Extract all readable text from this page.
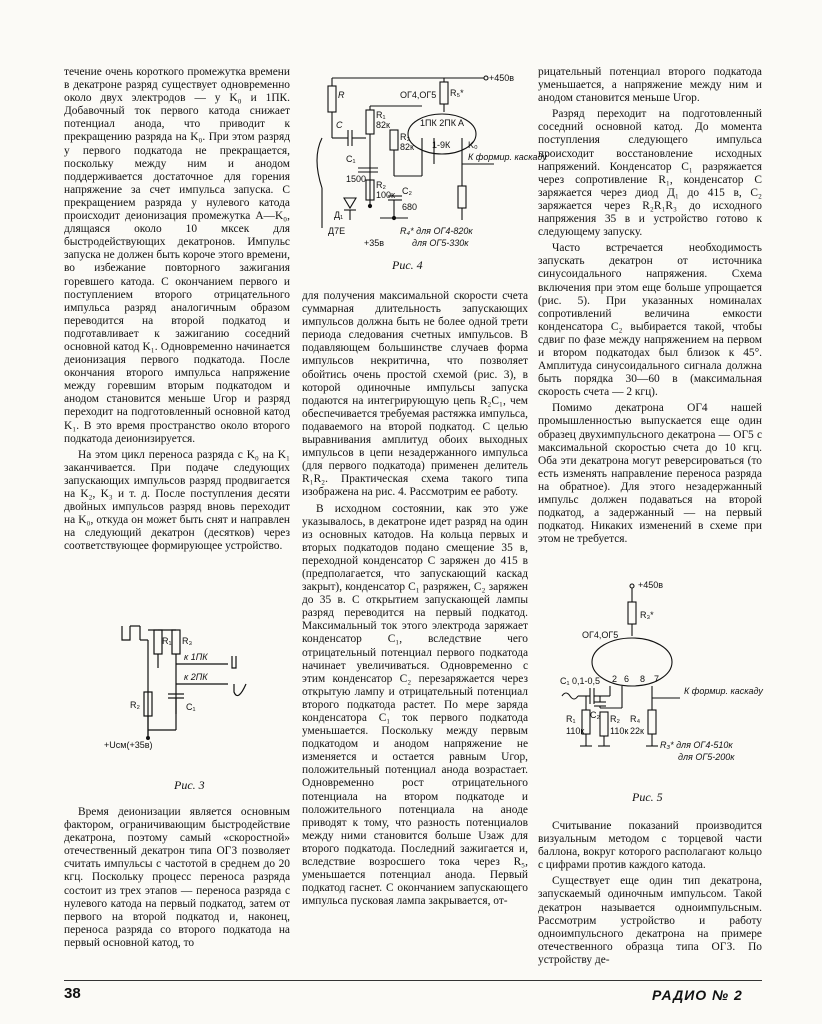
течение очень короткого промежутка времени в декатроне разряд существует одновременно около двух электродов — у K₀ и 1ПК. Добавочный ток первого катода снижает потенциал анода, что приводит к прекращению разряда на K₀. При этом разряд у первого подкатода не прекращается, поскольку между ним и анодом поддерживается достаточное для горения напряжение за счет импульса запуска. С прекращением разряда у нулевого катода происходит деионизация промежутка A—K₀, длящаяся около 10 мксек для быстродействующих декатронов. Импульс запуска не должен быть короче этого времени, во избежание повторного зажигания горевшего катода. С окончанием первого и поступлением второго отрицательного импульса разряд аналогичным образом переводится на второй подкатод и подготавливает к зажиганию соседний основной катод K₁. Одновременно начинается деионизация первого подкатода. После окончания второго импульса напряжение между горевшим вторым подкатодом и анодом становится меньше Uгор и разряд переходит на подготовленный основной катод K₁. В это время пространство около второго подкатода деионизируется.

На этом цикл переноса разряда с K₀ на K₁ заканчивается. При подаче следующих запускающих импульсов разряд продвигается на K₂, K₃ и т. д. После поступления десяти двойных импульсов разряд вновь переходит на K₀, откуда он может быть снят и направлен на следующий декатрон (десятков) через соответствующее формирующее устройство.

R₁ R₃
к 1ПК
к 2ПК
R₂	C₁
+Uсм(+35в)
Рис. 3

Время деионизации является основным фактором, ограничивающим быстродействие декатрона, поэтому самый «скоростной» отечественный декатрон типа ОГЗ позволяет считать импульсы с частотой в среднем до 20 кгц. Поскольку процесс переноса разряда состоит из трех этапов — переноса разряда с нулевого катода на первый подкатод, затем от первого на второй подкатод и, наконец, переноса разряда со второго подкатода на первый основной катод, то

+450в
ОГ4,ОГ5
R
C
R₅*
R₁
82к
R₃
82к
C₁
1500
R₂
100к C₂
680
Д₁
Д7Е
+35в
1ПК 2ПК А
1-9К K₀
К формир. каскаду
R₄* для ОГ4-820к
для ОГ5-330к
Рис. 4

для получения максимальной скорости счета суммарная длительность запускающих импульсов должна быть не более одной трети периода следования счетных импульсов. В подавляющем большинстве случаев форма импульсов некритична, что позволяет обойтись очень простой схемой (рис. 3), в которой одиночные импульсы запуска подаются на интегрирующую цепь R₂C₁, чем обеспечивается требуемая растяжка импульса, подаваемого на второй подкатод. С целью выравнивания амплитуд обоих выходных импульсов в цепи незадержанного импульса (для первого подкатода) применен делитель R₁R₂. Практическая схема такого типа изображена на рис. 4. Рассмотрим ее работу.

В исходном состоянии, как это уже указывалось, в декатроне идет разряд на один из основных катодов. На кольца первых и вторых подкатодов подано смещение 35 в, переходной конденсатор C заряжен до 415 в (предполагается, что запускающий каскад закрыт), конденсатор C₁ разряжен, C₂ заряжен до 35 в. С открытием запускающей лампы разряд переводится на первый подкатод. Максимальный ток этого электрода заряжает конденсатор C₁, вследствие чего отрицательный потенциал первого подкатода начинает увеличиваться. Одновременно с этим конденсатор C₂ перезаряжается через открытую лампу и отрицательный потенциал второго подкатода растет. По мере заряда конденсатора C₁ ток первого подкатода уменьшается. Поскольку между первым подкатодом и анодом напряжение не изменяется и остается равным Uгор, положительный потенциал анода возрастает. Одновременно рост отрицательного потенциала на втором подкатоде и положительного потенциала на аноде приводят к тому, что разность потенциалов между ними становится больше Uзаж для второго подкатода. Последний зажигается и, вследствие возросшего тока через R₅, уменьшается потенциал анода. Первый подкатод гаснет. С окончанием запускающего импульса пусковая лампа закрывается, от-

рицательный потенциал второго подкатода уменьшается, а напряжение между ним и анодом становится меньше Uгор.

Разряд переходит на подготовленный соседний основной катод. До момента поступления следующего импульса происходит восстановление исходных напряжений. Конденсатор C₁ разряжается через сопротивление R₁, конденсатор C заряжается через диод Д₁ до 415 в, C₂ заряжается через R₂R₁R₃ до исходного напряжения 35 в и устройство готово к следующему запуску.

Часто встречается необходимость запускать декатрон от источника синусоидального напряжения. Схема включения при этом еще больше упрощается (рис. 5). При указанных номиналах сопротивлений величина емкости конденсатора C₂ выбирается такой, чтобы сдвиг по фазе между напряжением на первом и втором подкатодах был близок к 45°. Амплитуда синусоидального сигнала должна быть порядка 30—60 в (максимальная скорость счета — 2 кгц).

Помимо декатрона ОГ4 нашей промышленностью выпускается еще один образец двухимпульсного декатрона — ОГ5 с максимальной скоростью счета до 10 кгц. Оба эти декатрона могут реверсироваться (то есть изменять направление переноса разряда на обратное). Для этого незадержанный импульс должен подаваться на второй подкатод, а задержанный — на первый подкатод. Никаких изменений в схеме при этом не требуется.

+450в
R₃*
ОГ4,ОГ5
C₁ 0,1-0,5
C₂
2 6 8 7
R₁
110к
R₂
110к
R₄
22к
К формир. каскаду
R₃* для ОГ4-510к
для ОГ5-200к
Рис. 5

Считывание показаний производится визуальным методом с торцевой части баллона, вокруг которого располагают кольцо с цифрами против каждого катода.

Существует еще один тип декатрона, запускаемый одиночным импульсом. Такой декатрон называется одноимпульсным. Рассмотрим устройство и работу одноимпульсного декатрона на примере отечественного образца типа ОГЗ. По устройству де-

38	РАДИО № 2
